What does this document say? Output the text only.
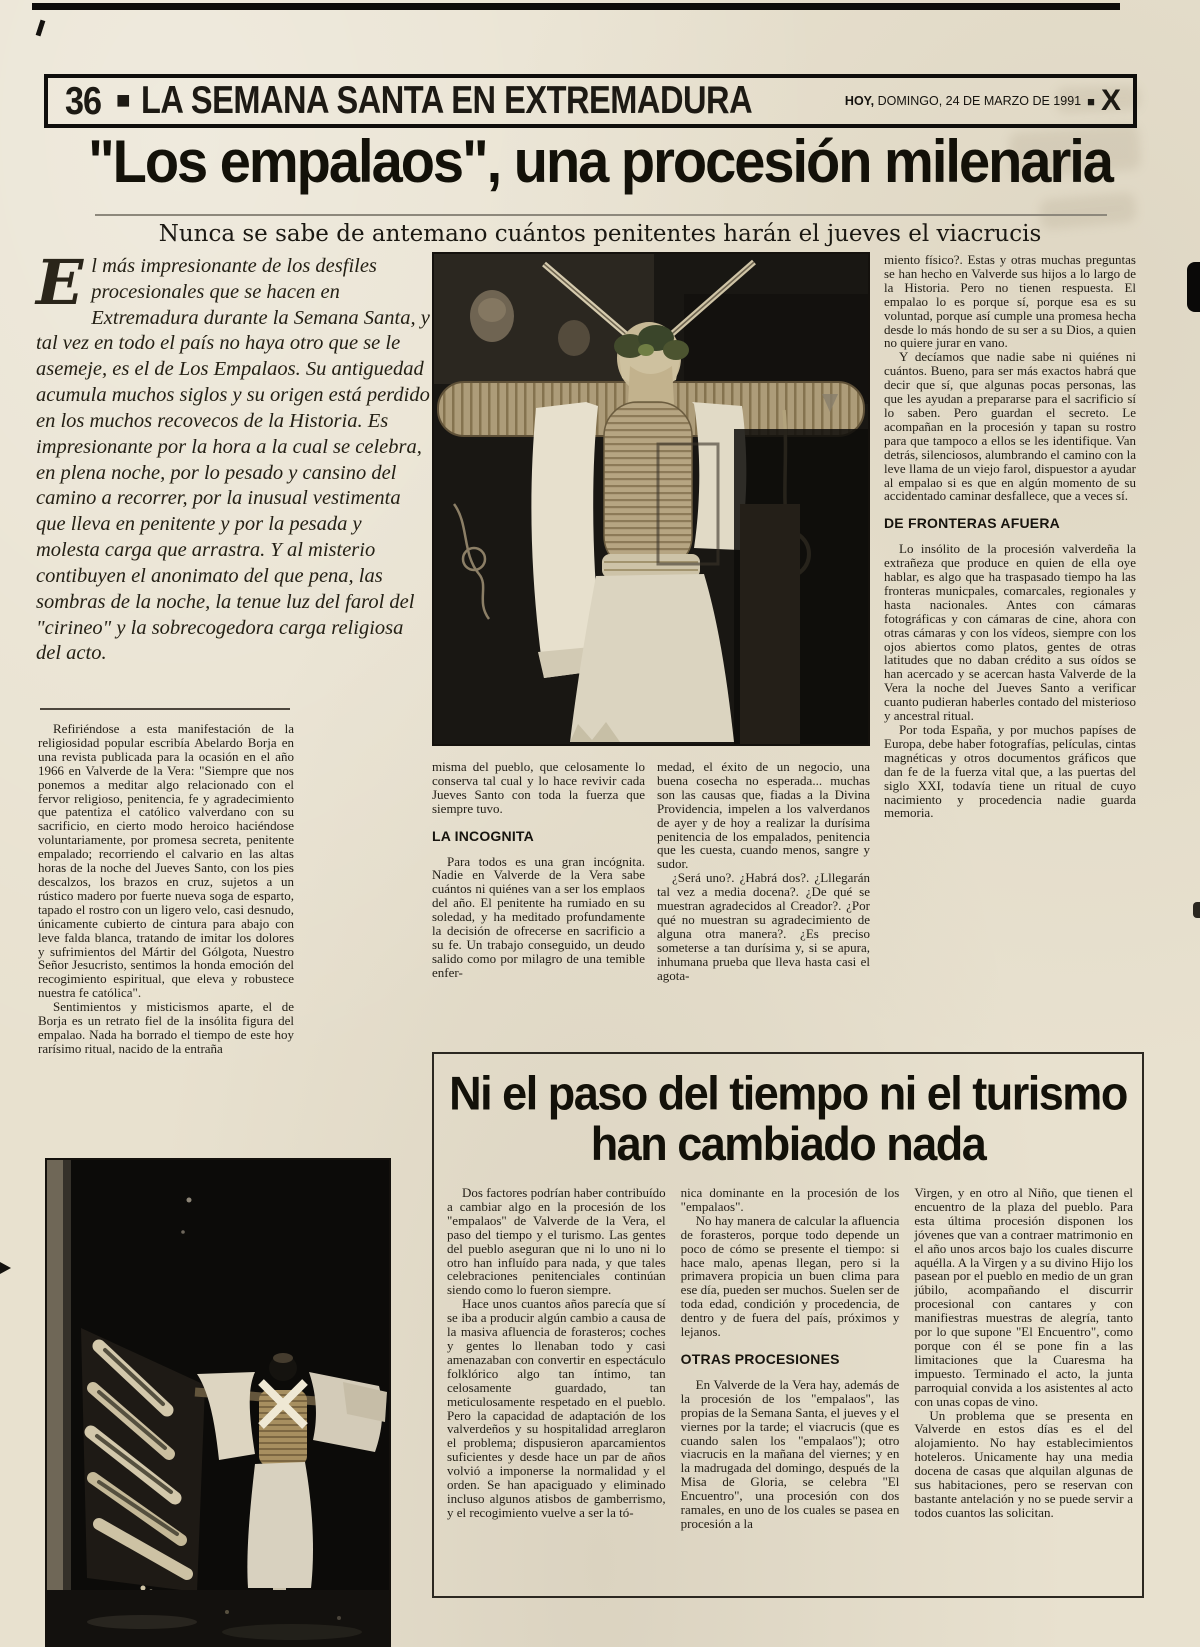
36 ■ LA SEMANA SANTA EN EXTREMADURA	HOY, DOMINGO, 24 DE MARZO DE 1991 ■ X
"Los empalaos", una procesión milenaria
Nunca se sabe de antemano cuántos penitentes harán el jueves el viacrucis
El más impresionante de los desfiles procesionales que se hacen en Extremadura durante la Semana Santa, y tal vez en todo el país no haya otro que se le asemeje, es el de Los Empalaos. Su antiguedad acumula muchos siglos y su origen está perdido en los muchos recovecos de la Historia. Es impresionante por la hora a la cual se celebra, en plena noche, por lo pesado y cansino del camino a recorrer, por la inusual vestimenta que lleva en penitente y por la pesada y molesta carga que arrastra. Y al misterio contibuyen el anonimato del que pena, las sombras de la noche, la tenue luz del farol del "cirineo" y la sobrecogedora carga religiosa del acto.

Refiriéndose a esta manifestación de la religiosidad popular escribía Abelardo Borja en una revista publicada para la ocasión en el año 1966 en Valverde de la Vera: "Siempre que nos ponemos a meditar algo relacionado con el fervor religioso, penitencia, fe y agradecimiento que patentiza el católico valverdano con su sacrificio, en cierto modo heroico haciéndose voluntariamente, por promesa secreta, penitente empalado; recorriendo el calvario en las altas horas de la noche del Jueves Santo, con los pies descalzos, los brazos en cruz, sujetos a un rústico madero por fuerte nueva soga de esparto, tapado el rostro con un ligero velo, casi desnudo, únicamente cubierto de cintura para abajo con leve falda blanca, tratando de imitar los dolores y sufrimientos del Mártir del Gólgota, Nuestro Señor Jesucristo, sentimos la honda emoción del recogimiento espiritual, que eleva y robustece nuestra fe católica".

Sentimientos y misticismos aparte, el de Borja es un retrato fiel de la insólita figura del empalao. Nada ha borrado el tiempo de este hoy rarísimo ritual, nacido de la entraña

misma del pueblo, que celosamente lo conserva tal cual y lo hace revivir cada Jueves Santo con toda la fuerza que siempre tuvo.

LA INCOGNITA

Para todos es una gran incógnita. Nadie en Valverde de la Vera sabe cuántos ni quiénes van a ser los emplaos del año. El penitente ha rumiado en su soledad, y ha meditado profundamente la decisión de ofrecerse en sacrificio a su fe. Un trabajo conseguido, un deudo salido como por milagro de una temible enfer-

medad, el éxito de un negocio, una buena cosecha no esperada... muchas son las causas que, fiadas a la Divina Providencia, impelen a los valverdanos de ayer y de hoy a realizar la durísima penitencia de los empalados, penitencia que les cuesta, cuando menos, sangre y sudor.

¿Será uno?. ¿Habrá dos?. ¿Lllegarán tal vez a media docena?. ¿De qué se muestran agradecidos al Creador?. ¿Por qué no muestran su agradecimiento de alguna otra manera?. ¿Es preciso someterse a tan durísima y, si se apura, inhumana prueba que lleva hasta casi el agota-

miento físico?. Estas y otras muchas preguntas se han hecho en Valverde sus hijos a lo largo de la Historia. Pero no tienen respuesta. El empalao lo es porque sí, porque esa es su voluntad, porque así cumple una promesa hecha desde lo más hondo de su ser a su Dios, a quien no quiere jurar en vano.

Y decíamos que nadie sabe ni quiénes ni cuántos. Bueno, para ser más exactos habrá que decir que sí, que algunas pocas personas, las que les ayudan a prepararse para el sacrificio sí lo saben. Pero guardan el secreto. Le acompañan en la procesión y tapan su rostro para que tampoco a ellos se les identifique. Van detrás, silenciosos, alumbrando el camino con la leve llama de un viejo farol, dispuestor a ayudar al empalao si es que en algún momento de su accidentado caminar desfallece, que a veces sí.

DE FRONTERAS AFUERA

Lo insólito de la procesión valverdeña la extrañeza que produce en quien de ella oye hablar, es algo que ha traspasado tiempo ha las fronteras municpales, comarcales, regionales y hasta nacionales. Antes con cámaras fotográficas y con cámaras de cine, ahora con otras cámaras y con los vídeos, siempre con los ojos abiertos como platos, gentes de otras latitudes que no daban crédito a sus oídos se han acercado y se acercan hasta Valverde de la Vera la noche del Jueves Santo a verificar cuanto pudieran haberles contado del misterioso y ancestral ritual.

Por toda España, y por muchos papíses de Europa, debe haber fotografías, películas, cintas magnéticas y otros documentos gráficos que dan fe de la fuerza vital que, a las puertas del siglo XXI, todavía tiene un ritual de cuyo nacimiento y procedencia nadie guarda memoria.

Ni el paso del tiempo ni el turismo
han cambiado nada

Dos factores podrían haber contribuído a cambiar algo en la procesión de los "empalaos" de Valverde de la Vera, el paso del tiempo y el turismo. Las gentes del pueblo aseguran que ni lo uno ni lo otro han influído para nada, y que tales celebraciones penitenciales continúan siendo como lo fueron siempre.

Hace unos cuantos años parecía que sí se iba a producir algún cambio a causa de la masiva afluencia de forasteros; coches y gentes lo llenaban todo y casi amenazaban con convertir en espectáculo folklórico algo tan íntimo, tan celosamente guardado, tan meticulosamente respetado en el pueblo. Pero la capacidad de adaptación de los valverdeños y su hospitalidad arreglaron el problema; dispusieron aparcamientos suficientes y desde hace un par de años volvió a imponerse la normalidad y el orden. Se han apaciguado y eliminado incluso algunos atisbos de gamberrismo, y el recogimiento vuelve a ser la tó-

nica dominante en la procesión de los "empalaos".

No hay manera de calcular la afluencia de forasteros, porque todo depende un poco de cómo se presente el tiempo: si hace malo, apenas llegan, pero si la primavera propicia un buen clima para ese día, pueden ser muchos. Suelen ser de toda edad, condición y procedencia, de dentro y de fuera del país, próximos y lejanos.

OTRAS PROCESIONES

En Valverde de la Vera hay, además de la procesión de los "empalaos", las propias de la Semana Santa, el jueves y el viernes por la tarde; el viacrucis (que es cuando salen los "empalaos"); otro viacrucis en la mañana del viernes; y en la madrugada del domingo, después de la Misa de Gloria, se celebra "El Encuentro", una procesión con dos ramales, en uno de los cuales se pasea en procesión a la

Virgen, y en otro al Niño, que tienen el encuentro de la plaza del pueblo. Para esta última procesión disponen los jóvenes que van a contraer matrimonio en el año unos arcos bajo los cuales discurre aquélla. A la Virgen y a su divino Hijo los pasean por el pueblo en medio de un gran júbilo, acompañando el discurrir procesional con cantares y con manifiestras muestras de alegría, tanto por lo que supone "El Encuentro", como porque con él se pone fin a las limitaciones que la Cuaresma ha impuesto. Terminado el acto, la junta parroquial convida a los asistentes al acto con unas copas de vino.

Un problema que se presenta en Valverde en estos días es el del alojamiento. No hay establecimientos hoteleros. Unicamente hay una media docena de casas que alquilan algunas de sus habitaciones, pero se reservan con bastante antelación y no se puede servir a todos cuantos las solicitan.
